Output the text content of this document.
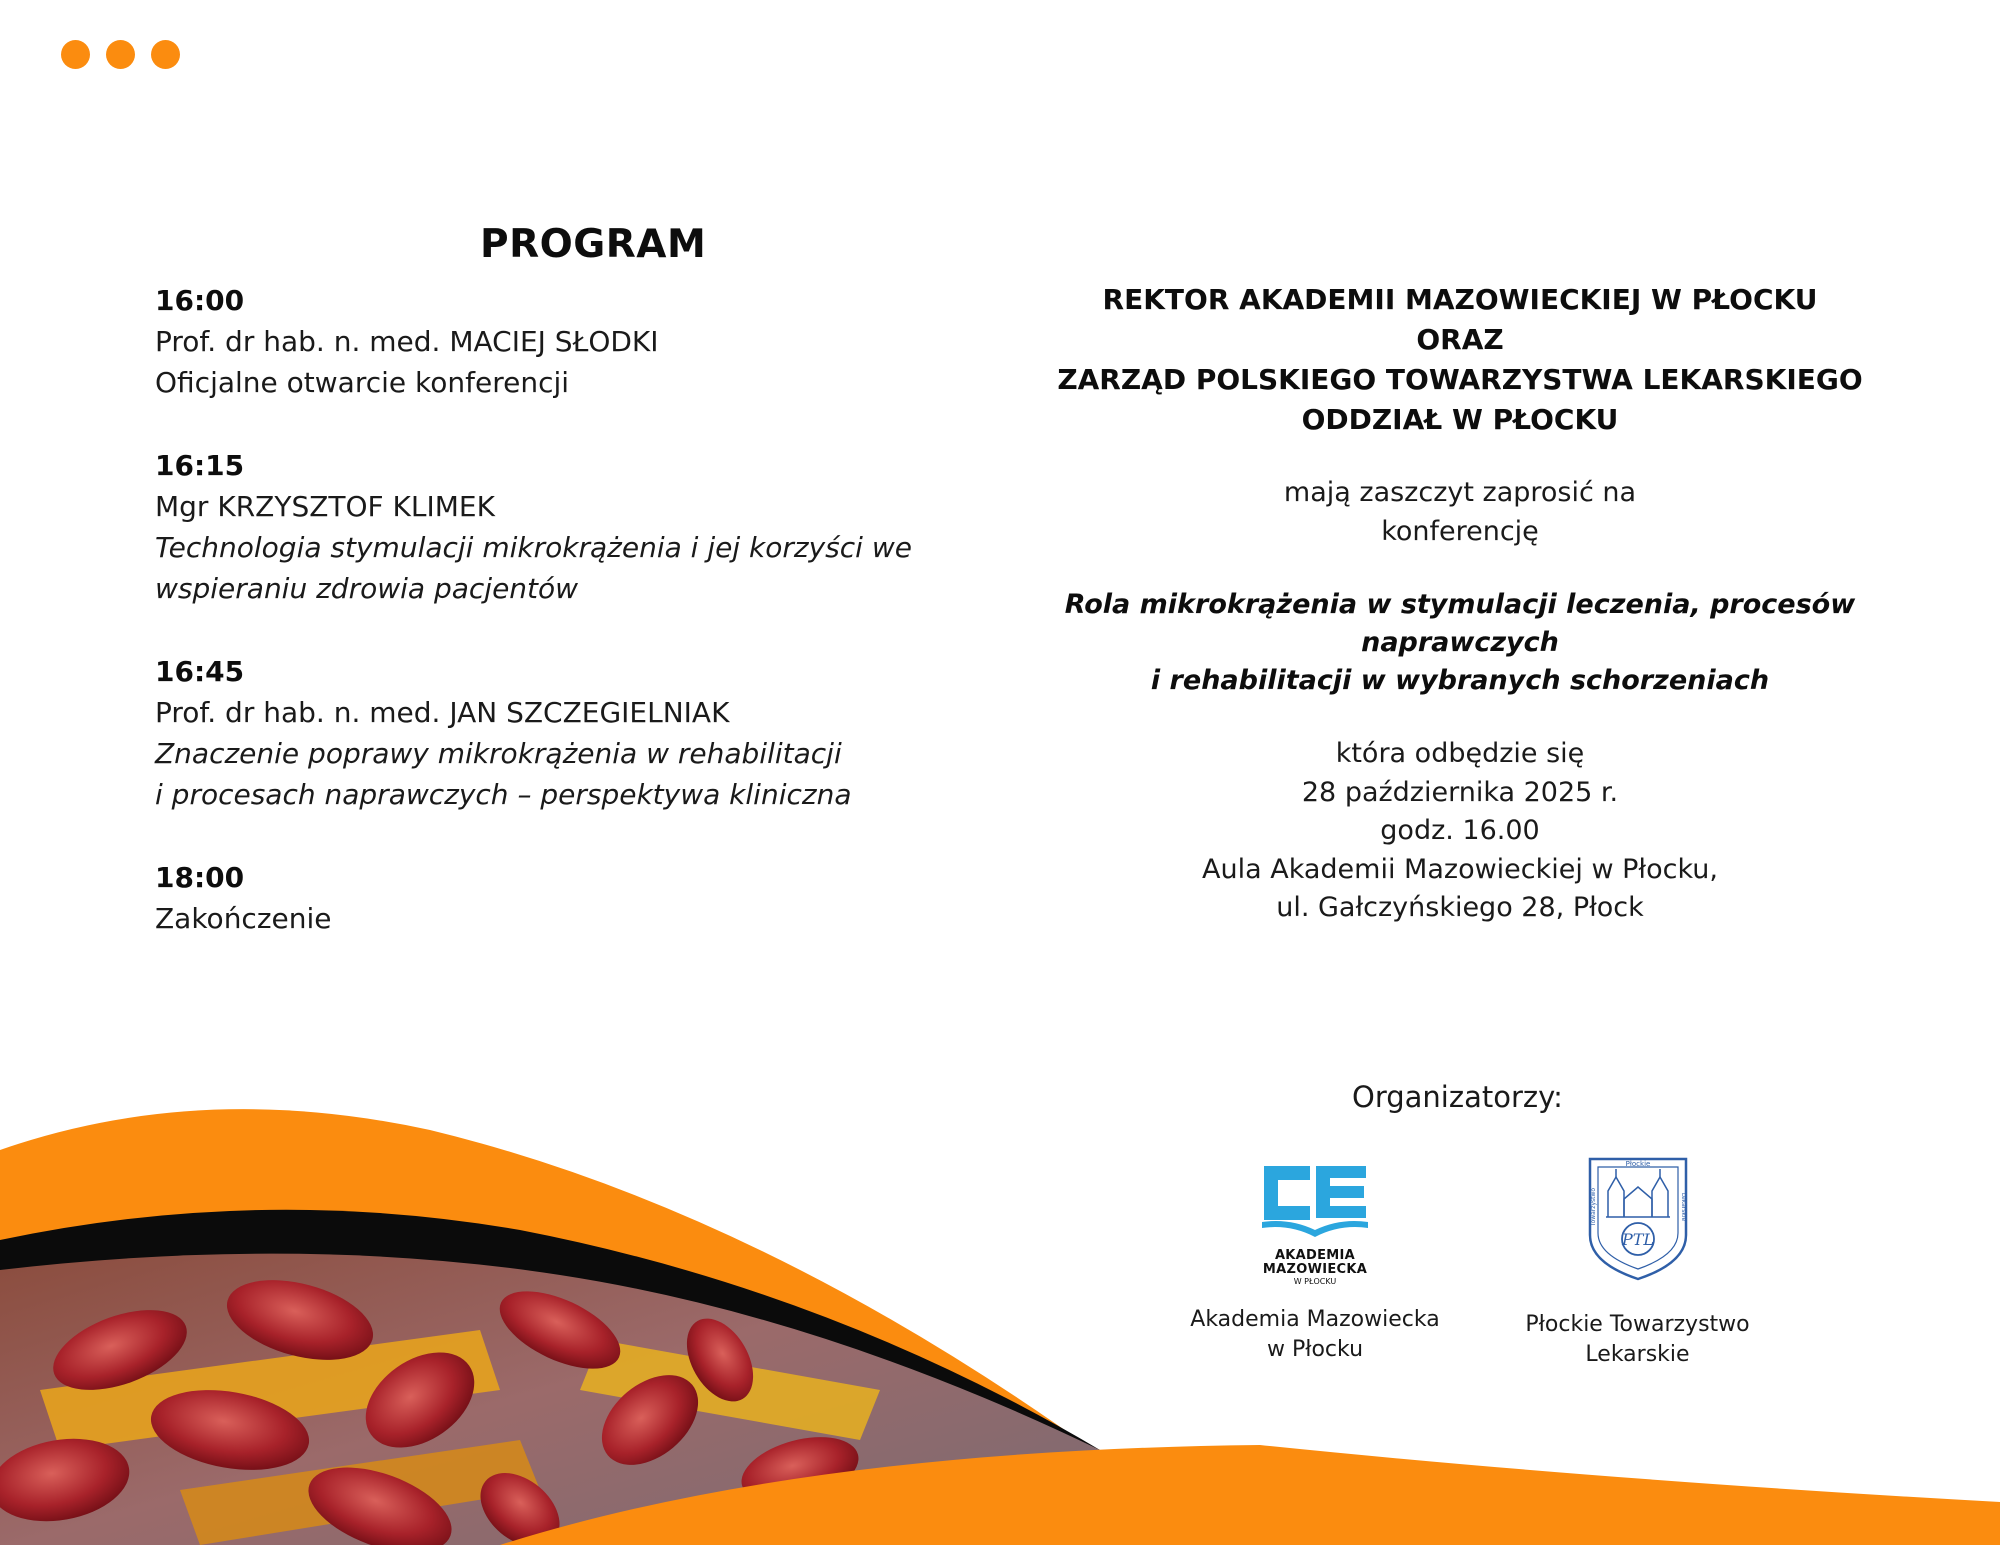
PROGRAM
16:00
Prof. dr hab. n. med. MACIEJ SŁODKI
Oficjalne otwarcie konferencji
16:15
Mgr KRZYSZTOF KLIMEK
Technologia stymulacji mikrokrążenia i jej korzyści we
wspieraniu zdrowia pacjentów
16:45
Prof. dr hab. n. med. JAN SZCZEGIELNIAK
Znaczenie poprawy mikrokrążenia w rehabilitacji
i procesach naprawczych – perspektywa kliniczna
18:00
Zakończenie
REKTOR AKADEMII MAZOWIECKIEJ W PŁOCKU
ORAZ
ZARZĄD POLSKIEGO TOWARZYSTWA LEKARSKIEGO
ODDZIAŁ W PŁOCKU
mają zaszczyt zaprosić na
konferencję
Rola mikrokrążenia w stymulacji leczenia, procesów
naprawczych
i rehabilitacji w wybranych schorzeniach
która odbędzie się
28 października 2025 r.
godz. 16.00
Aula Akademii Mazowieckiej w Płocku,
ul. Gałczyńskiego 28, Płock
Organizatorzy:
AKADEMIA
MAZOWIECKA
W PŁOCKU
Akademia Mazowiecka
w Płocku
Płockie
Towarzystwo	Lekarskie
PTL
Płockie Towarzystwo
Lekarskie
